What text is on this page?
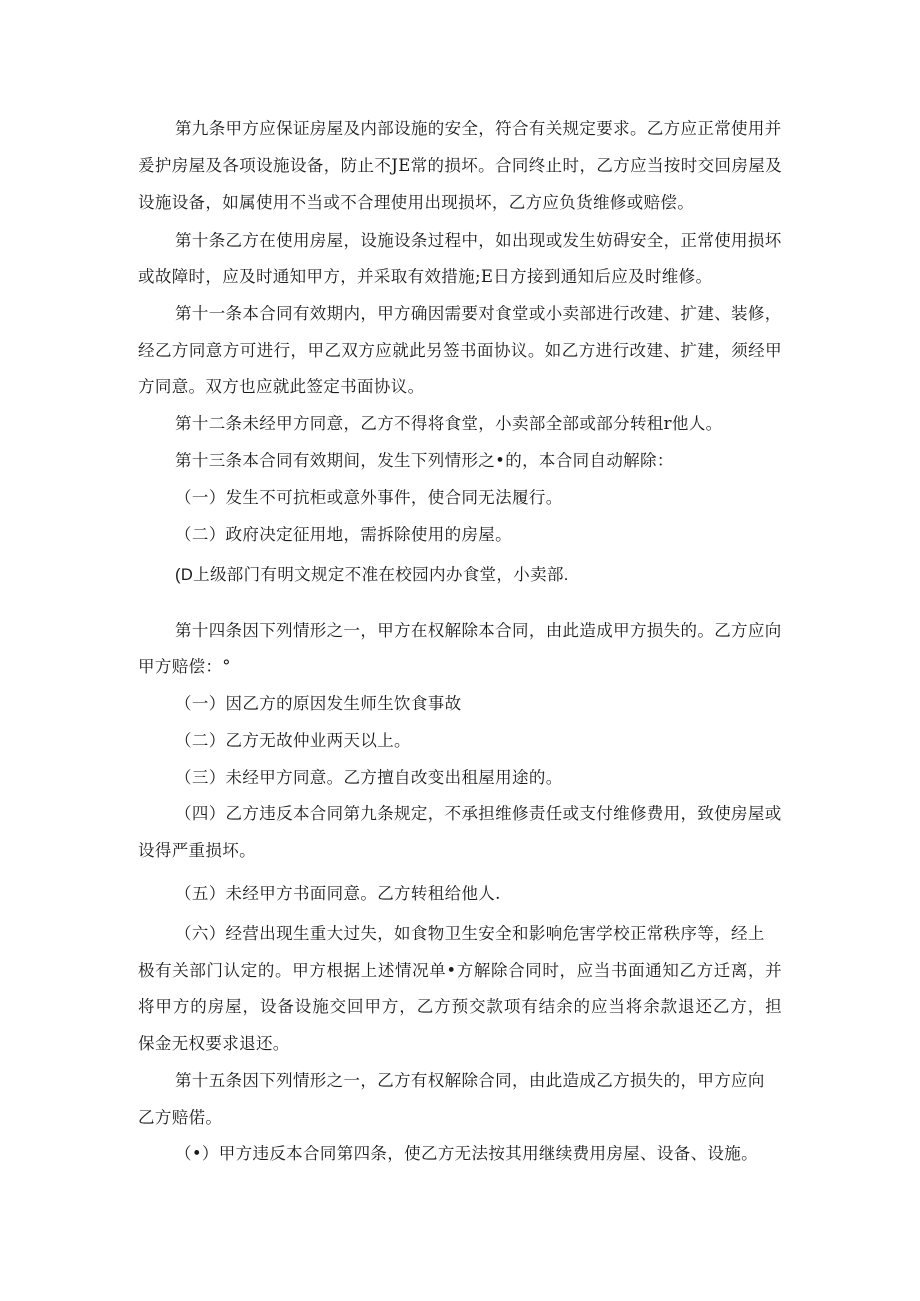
第九条甲方应保证房屋及内部设施的安全，符合有关规定要求。乙方应正常使用并
爰护房屋及各项设施设备，防止不JE常的损坏。合同终止时，乙方应当按时交回房屋及
设施设备，如属使用不当或不合理使用出现损坏，乙方应负货维修或赔偿。
第十条乙方在使用房屋，设施设条过程中，如出现或发生妨碍安全，正常使用损坏
或故障时，应及时通知甲方，并采取有效措施;E日方接到通知后应及时维修。
第十一条本合同有效期内，甲方确因需要对食堂或小卖部进行改建、扩建、装修，
经乙方同意方可进行，甲乙双方应就此另签书面协议。如乙方进行改建、扩建，须经甲
方同意。双方也应就此签定书面协议。
第十二条未经甲方同意，乙方不得将食堂，小卖部全部或部分转租r他人。
第十三条本合同有效期间，发生下列情形之•的，本合同自动解除：
（一）发生不可抗柜或意外事件，使合同无法履行。
（二）政府决定征用地，需拆除使用的房屋。
(D上级部门有明文规定不准在校园内办食堂，小卖部.
第十四条因下列情形之一，甲方在权解除本合同，由此造成甲方损失的。乙方应向
甲方赔偿：°
（一）因乙方的原因发生师生饮食事故
（二）乙方无故仲业两天以上。
（三）未经甲方同意。乙方擅自改变出租屋用途的。
（四）乙方违反本合同第九条规定，不承担维修责任或支付维修费用，致使房屋或
设得严重损坏。
（五）未经甲方书面同意。乙方转租给他人.
（六）经营出现生重大过失，如食物卫生安全和影响危害学校正常秩序等，经上
极有关部门认定的。甲方根据上述情况单•方解除合同时，应当书面通知乙方迁离，并
将甲方的房屋，设备设施交回甲方，乙方预交款项有结余的应当将余款退还乙方，担
保金无权要求退还。
第十五条因下列情形之一，乙方有权解除合同，由此造成乙方损失的，甲方应向
乙方赔偌。
（•）甲方违反本合同第四条，使乙方无法按其用继续费用房屋、设备、设施。
